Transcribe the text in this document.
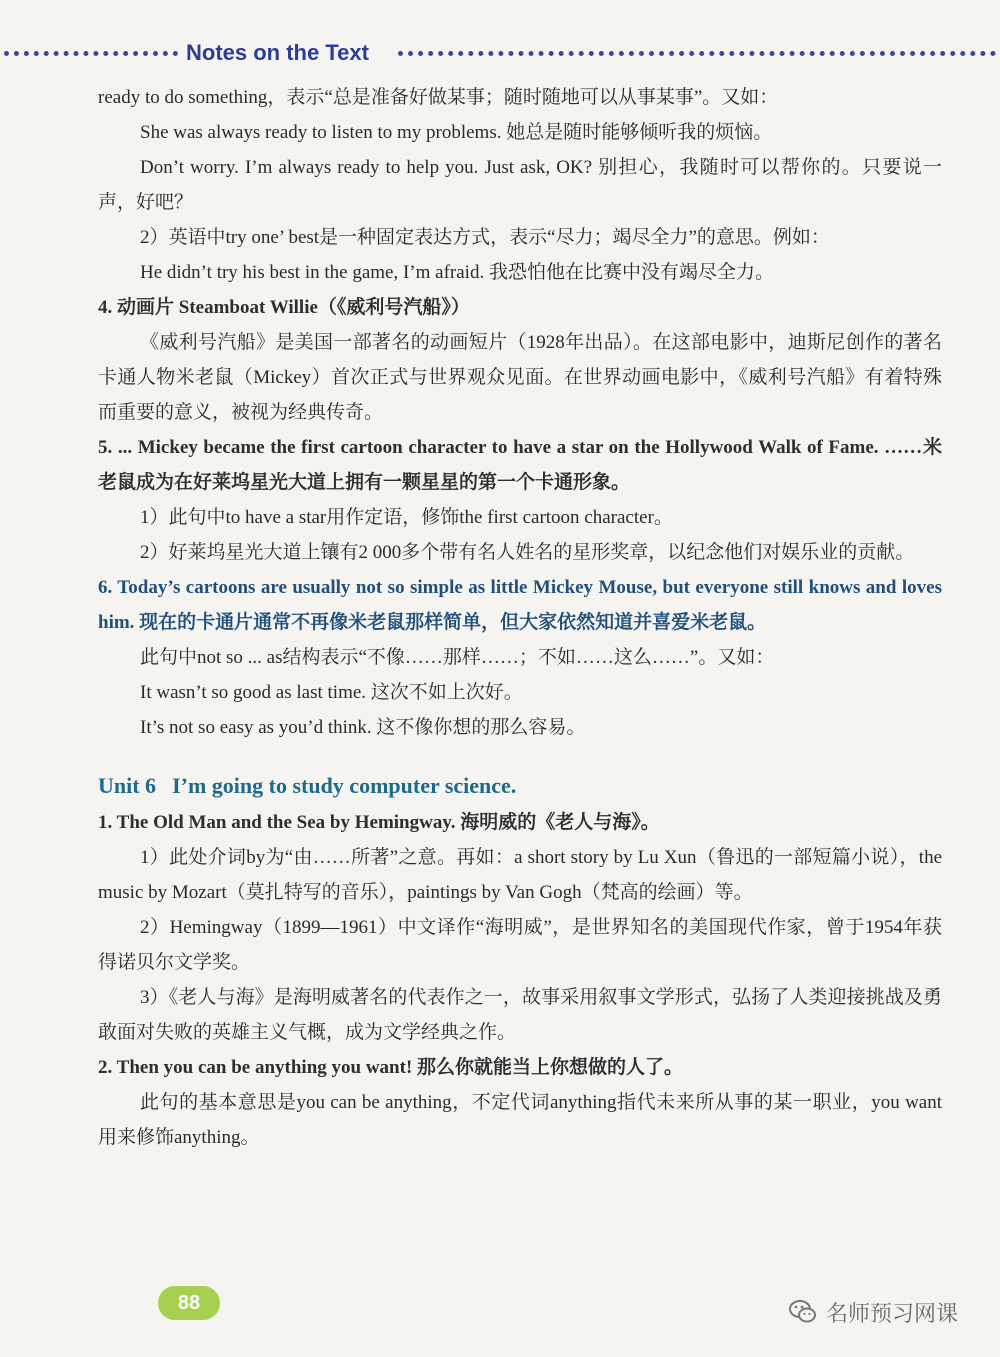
Notes on the Text

ready to do something，表示“总是准备好做某事；随时随地可以从事某事”。又如：

She was always ready to listen to my problems. 她总是随时能够倾听我的烦恼。

Don’t worry. I’m always ready to help you. Just ask, OK? 别担心，我随时可以帮你的。只要说一声，好吧？

2）英语中try one’ best是一种固定表达方式，表示“尽力；竭尽全力”的意思。例如：

He didn’t try his best in the game, I’m afraid. 我恐怕他在比赛中没有竭尽全力。

4. 动画片 Steamboat Willie（《威利号汽船》）

《威利号汽船》是美国一部著名的动画短片（1928年出品）。在这部电影中，迪斯尼创作的著名卡通人物米老鼠（Mickey）首次正式与世界观众见面。在世界动画电影中，《威利号汽船》有着特殊而重要的意义，被视为经典传奇。

5. ... Mickey became the first cartoon character to have a star on the Hollywood Walk of Fame. ……米老鼠成为在好莱坞星光大道上拥有一颗星星的第一个卡通形象。

1）此句中to have a star用作定语，修饰the first cartoon character。

2）好莱坞星光大道上镶有2 000多个带有名人姓名的星形奖章，以纪念他们对娱乐业的贡献。

6. Today’s cartoons are usually not so simple as little Mickey Mouse, but everyone still knows and loves him. 现在的卡通片通常不再像米老鼠那样简单，但大家依然知道并喜爱米老鼠。

此句中not so ... as结构表示“不像……那样……；不如……这么……”。又如：

It wasn’t so good as last time. 这次不如上次好。

It’s not so easy as you’d think. 这不像你想的那么容易。

Unit 6 I’m going to study computer science.

1. The Old Man and the Sea by Hemingway. 海明威的《老人与海》。

1）此处介词by为“由……所著”之意。再如：a short story by Lu Xun（鲁迅的一部短篇小说），the music by Mozart（莫扎特写的音乐），paintings by Van Gogh（梵高的绘画）等。

2）Hemingway（1899—1961）中文译作“海明威”，是世界知名的美国现代作家，曾于1954年获得诺贝尔文学奖。

3）《老人与海》是海明威著名的代表作之一，故事采用叙事文学形式，弘扬了人类迎接挑战及勇敢面对失败的英雄主义气概，成为文学经典之作。

2. Then you can be anything you want! 那么你就能当上你想做的人了。

此句的基本意思是you can be anything，不定代词anything指代未来所从事的某一职业，you want用来修饰anything。

88	名师预习网课
